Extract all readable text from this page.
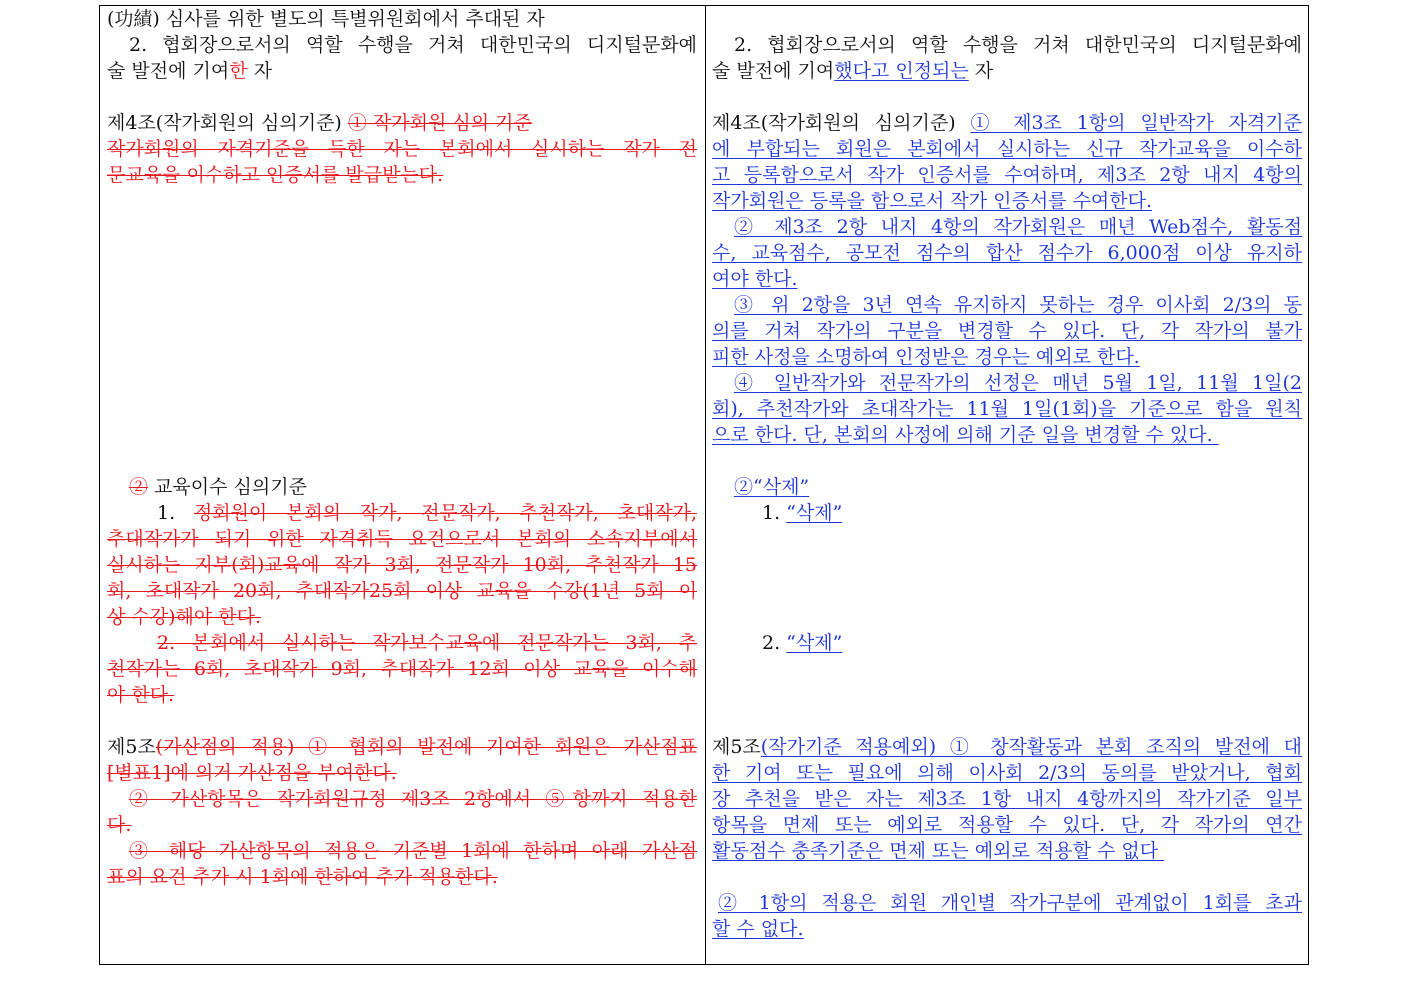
(功績) 심사를 위한 별도의 특별위원회에서 추대된 자
2. 협회장으로서의 역할 수행을 거쳐 대한민국의 디지털문화예
술 발전에 기여한 자
제4조(작가회원의 심의기준) ① 작가회원 심의 기준
작가회원의 자격기준을 득한 자는 본회에서 실시하는 작가 전
문교육을 이수하고 인증서를 발급받는다.
② 교육이수 심의기준
1. 정회원이 본회의 작가, 전문작가, 추천작가, 초대작가,
추대작가가 되기 위한 자격취득 요건으로서 본회의 소속지부에서
실시하는 지부(회)교육에 작가 3회, 전문작가 10회, 추천작가 15
회, 초대작가 20회, 추대작가25회 이상 교육을 수강(1년 5회 이
상 수강)해야 한다.
2. 본회에서 실시하는 작가보수교육에 전문작가는 3회, 추
천작가는 6회, 초대작가 9회, 추대작가 12회 이상 교육을 이수해
야 한다.
제5조(가산점의 적용) ① 협회의 발전에 기여한 회원은 가산점표
[별표1]에 의거 가산점을 부여한다.
② 가산항목은 작가회원규정 제3조 2항에서 ⑤항까지 적용한
다.
③ 해당 가산항목의 적용은 기준별 1회에 한하며 아래 가산점
표의 요건 추가 시 1회에 한하여 추가 적용한다.
2. 협회장으로서의 역할 수행을 거쳐 대한민국의 디지털문화예
술 발전에 기여했다고 인정되는 자
제4조(작가회원의 심의기준) ① 제3조 1항의 일반작가 자격기준
에 부합되는 회원은 본회에서 실시하는 신규 작가교육을 이수하
고 등록함으로서 작가 인증서를 수여하며, 제3조 2항 내지 4항의
작가회원은 등록을 함으로서 작가 인증서를 수여한다.
② 제3조 2항 내지 4항의 작가회원은 매년 Web점수, 활동점
수, 교육점수, 공모전 점수의 합산 점수가 6,000점 이상 유지하
여야 한다.
③ 위 2항을 3년 연속 유지하지 못하는 경우 이사회 2/3의 동
의를 거쳐 작가의 구분을 변경할 수 있다. 단, 각 작가의 불가
피한 사정을 소명하여 인정받은 경우는 예외로 한다.
④ 일반작가와 전문작가의 선정은 매년 5월 1일, 11월 1일(2
회), 추천작가와 초대작가는 11월 1일(1회)을 기준으로 함을 원칙
으로 한다. 단, 본회의 사정에 의해 기준 일을 변경할 수 있다.
②“삭제”
1. “삭제”

2. “삭제”
제5조(작가기준 적용예외) ① 창작활동과 본회 조직의 발전에 대
한 기여 또는 필요에 의해 이사회 2/3의 동의를 받았거나, 협회
장 추천을 받은 자는 제3조 1항 내지 4항까지의 작가기준 일부
항목을 면제 또는 예외로 적용할 수 있다. 단, 각 작가의 연간
활동점수 충족기준은 면제 또는 예외로 적용할 수 없다

② 1항의 적용은 회원 개인별 작가구분에 관계없이 1회를 초과
할 수 없다.
